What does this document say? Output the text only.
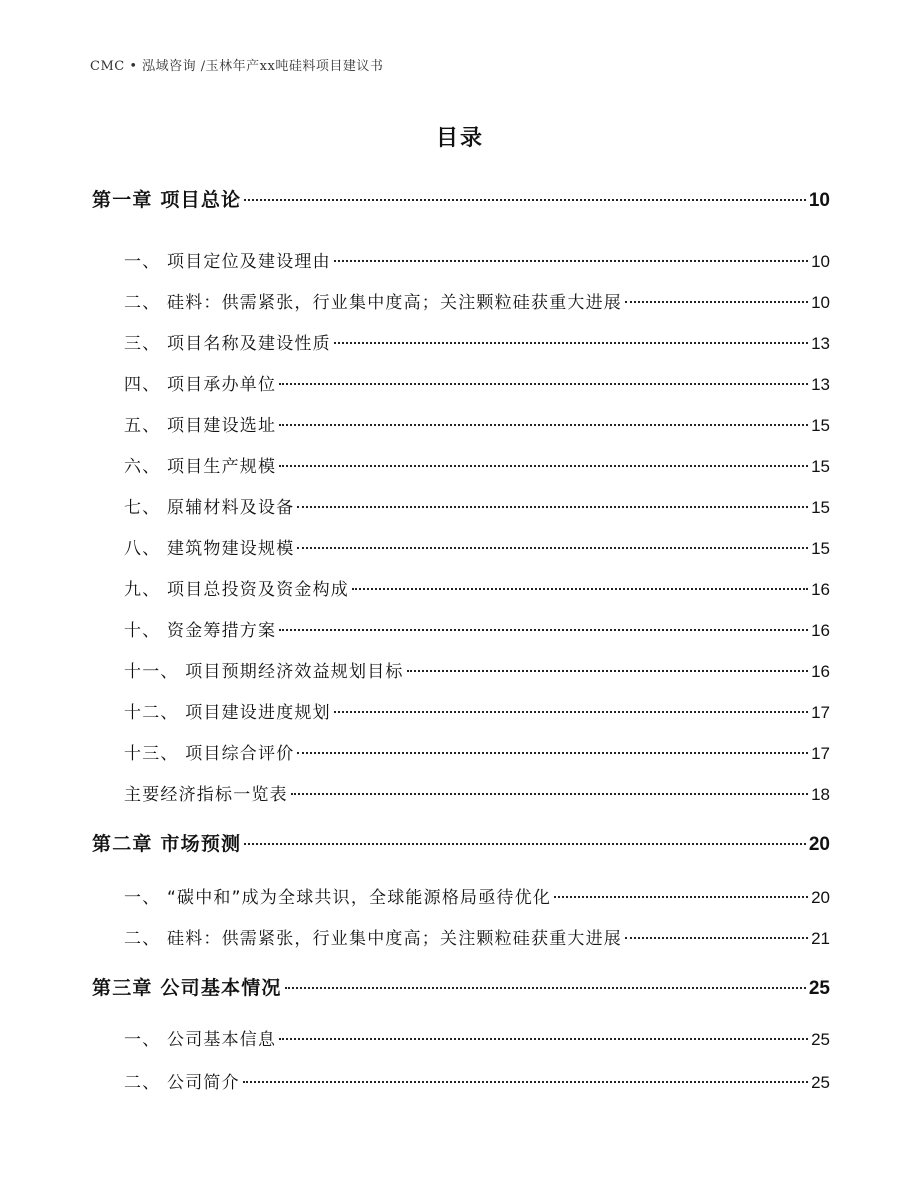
CMC • 泓域咨询 /玉林年产xx吨硅料项目建议书
目录
第一章 项目总论	10
一、 项目定位及建设理由	10
二、 硅料：供需紧张，行业集中度高；关注颗粒硅获重大进展	10
三、 项目名称及建设性质	13
四、 项目承办单位	13
五、 项目建设选址	15
六、 项目生产规模	15
七、 原辅材料及设备	15
八、 建筑物建设规模	15
九、 项目总投资及资金构成	16
十、 资金筹措方案	16
十一、 项目预期经济效益规划目标	16
十二、 项目建设进度规划	17
十三、 项目综合评价	17
主要经济指标一览表	18
第二章 市场预测	20
一、 “碳中和”成为全球共识，全球能源格局亟待优化	20
二、 硅料：供需紧张，行业集中度高；关注颗粒硅获重大进展	21
第三章 公司基本情况	25
一、 公司基本信息	25
二、 公司简介	25
